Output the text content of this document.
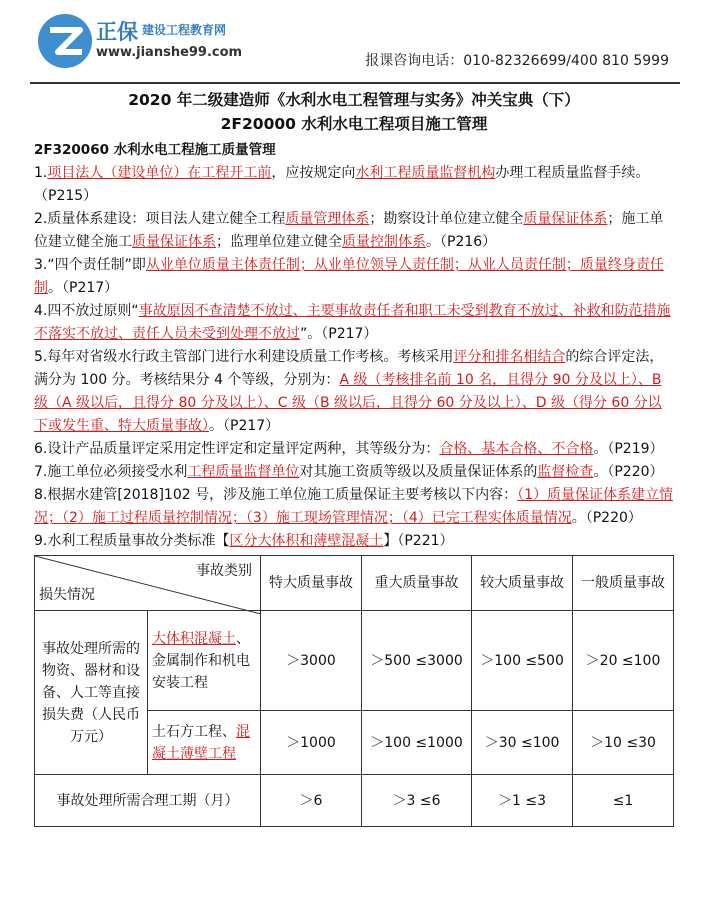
正保 建设工程教育网
www.jianshe99.com
报课咨询电话：010-82326699/400 810 5999
2020 年二级建造师《水利水电工程管理与实务》冲关宝典（下）
2F20000 水利水电工程项目施工管理
2F320060 水利水电工程施工质量管理
1.项目法人（建设单位）在工程开工前，应按规定向水利工程质量监督机构办理工程质量监督手续。（P215）
2.质量体系建设：项目法人建立健全工程质量管理体系；勘察设计单位建立健全质量保证体系；施工单位建立健全施工质量保证体系；监理单位建立健全质量控制体系。（P216）
3.“四个责任制”即从业单位质量主体责任制；从业单位领导人责任制；从业人员责任制；质量终身责任制。（P217）
4.四不放过原则“事故原因不查清楚不放过、主要事故责任者和职工未受到教育不放过、补救和防范措施不落实不放过、责任人员未受到处理不放过”。（P217）
5.每年对省级水行政主管部门进行水利建设质量工作考核。考核采用评分和排名相结合的综合评定法，满分为 100 分。考核结果分 4 个等级，分别为：A 级（考核排名前 10 名，且得分 90 分及以上）、B 级（A 级以后，且得分 80 分及以上）、C 级（B 级以后，且得分 60 分及以上）、D 级（得分 60 分以下或发生重、特大质量事故）。（P217）
6.设计产品质量评定采用定性评定和定量评定两种，其等级分为：合格、基本合格、不合格。（P219）
7.施工单位必须接受水利工程质量监督单位对其施工资质等级以及质量保证体系的监督检查。（P220）
8.根据水建管[2018]102 号，涉及施工单位施工质量保证主要考核以下内容：（1）质量保证体系建立情况；（2）施工过程质量控制情况；（3）施工现场管理情况；（4）已完工程实体质量情况。（P220）
9.水利工程质量事故分类标准【区分大体积和薄壁混凝土】（P221）
事故类别
损失情况		特大质量事故	重大质量事故	较大质量事故	一般质量事故
事故处理所需的物资、器材和设备、人工等直接损失费（人民币万元）	大体积混凝土、金属制作和机电安装工程	＞3000	＞500 ≤3000	＞100 ≤500	＞20 ≤100
	土石方工程、混凝土薄壁工程	＞1000	＞100 ≤1000	＞30 ≤100	＞10 ≤30
事故处理所需合理工期（月）		＞6	＞3 ≤6	＞1 ≤3	≤1
